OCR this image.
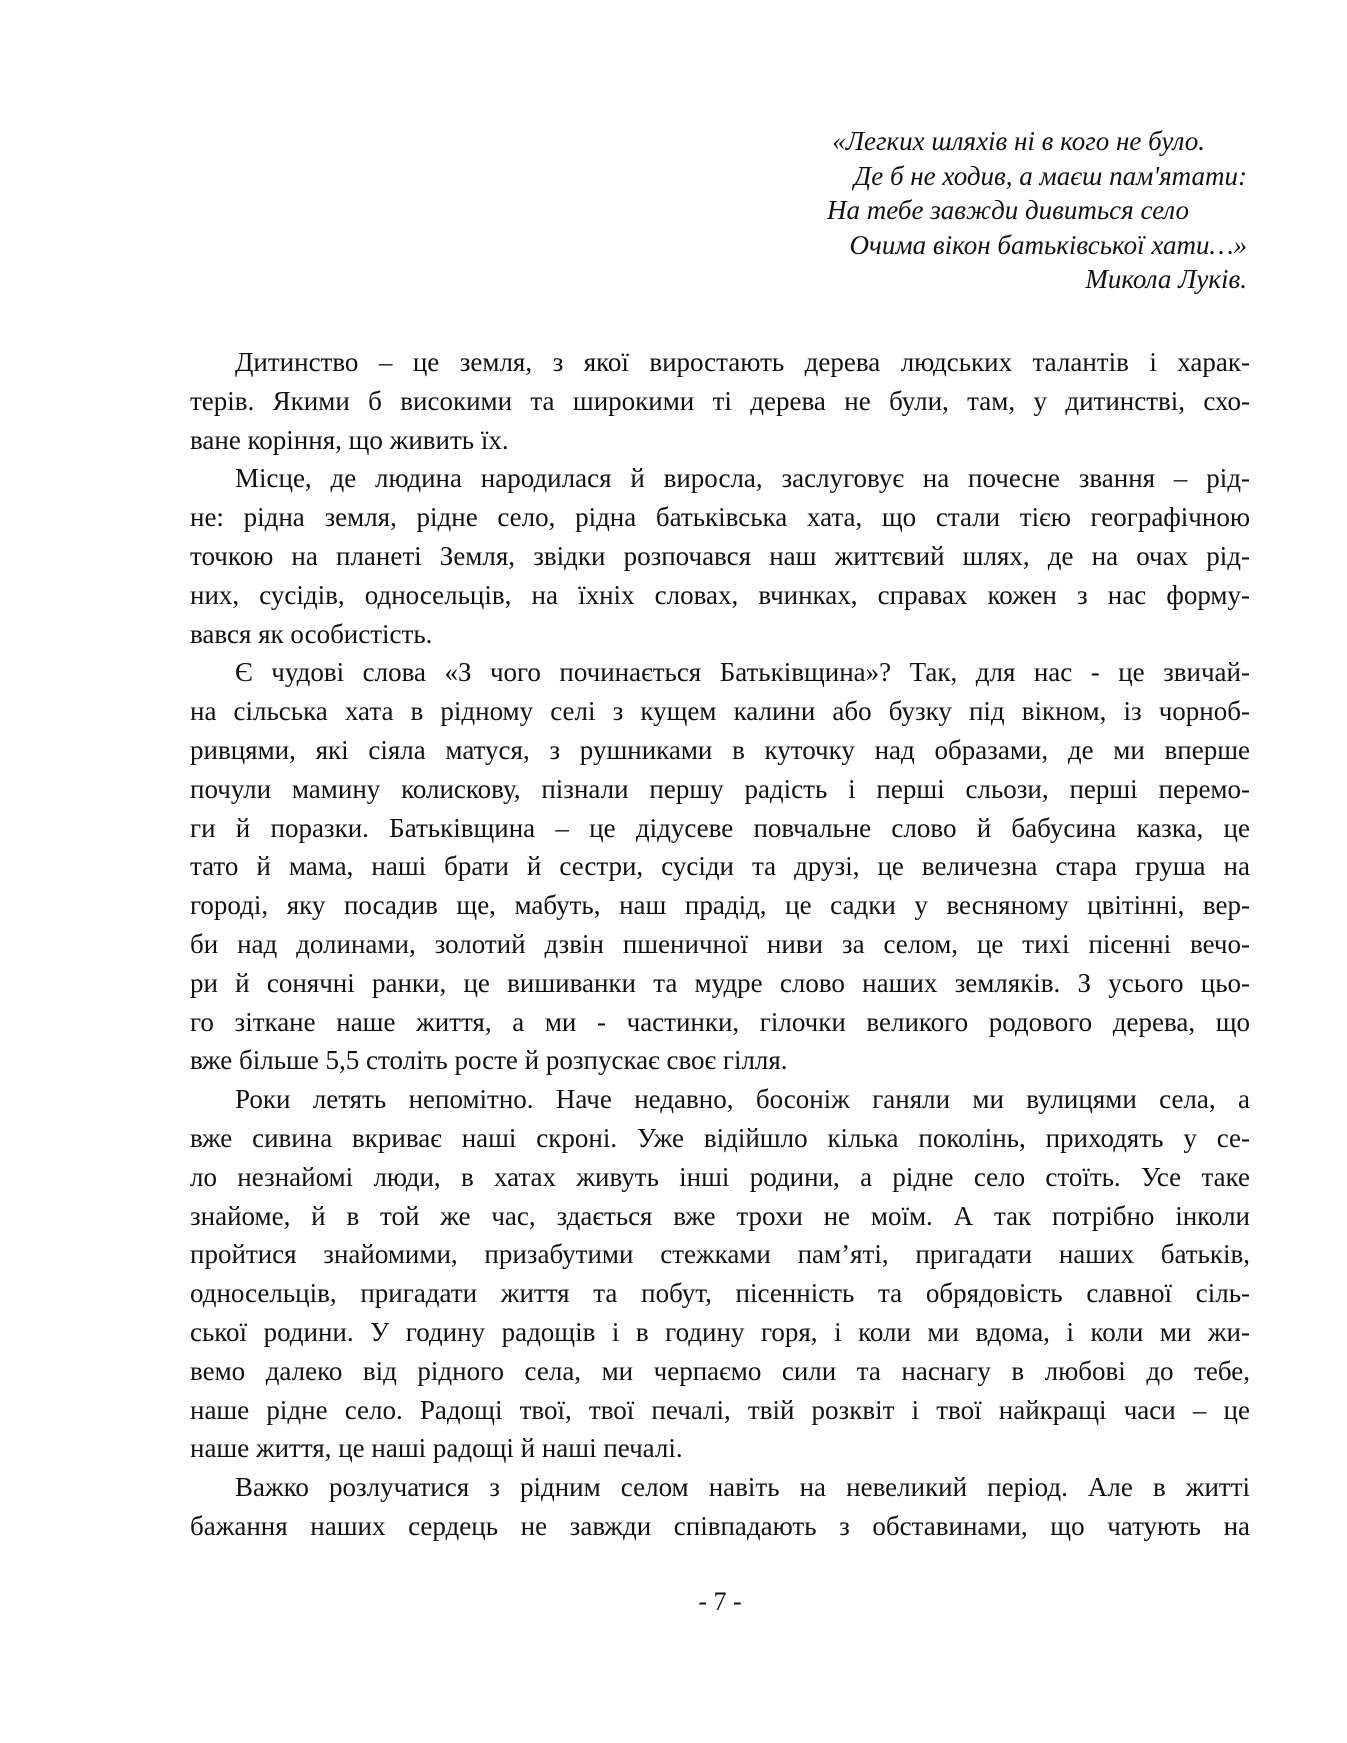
«Легких шляхів ні в кого не було.
Де б не ходив, а маєш пам'ятати:
На тебе завжди дивиться село
Очима вікон батьківської хати…»
Микола Луків.
Дитинство – це земля, з якої виростають дерева людських талантів і харак-
терів. Якими б високими та широкими ті дерева не були, там, у дитинстві, схо-
ване коріння, що живить їх.
Місце, де людина народилася й виросла, заслуговує на почесне звання – рід-
не: рідна земля, рідне село, рідна батьківська хата, що стали тією географічною
точкою на планеті Земля, звідки розпочався наш життєвий шлях, де на очах рід-
них, сусідів, односельців, на їхніх словах, вчинках, справах кожен з нас форму-
вався як особистість.
Є чудові слова «З чого починається Батьківщина»? Так, для нас - це звичай-
на сільська хата в рідному селі з кущем калини або бузку під вікном, із чорноб-
ривцями, які сіяла матуся, з рушниками в куточку над образами, де ми вперше
почули мамину колискову, пізнали першу радість і перші сльози, перші перемо-
ги й поразки. Батьківщина – це дідусеве повчальне слово й бабусина казка, це
тато й мама, наші брати й сестри, сусіди та друзі, це величезна стара груша на
городі, яку посадив ще, мабуть, наш прадід, це садки у весняному цвітінні, вер-
би над долинами, золотий дзвін пшеничної ниви за селом, це тихі пісенні вечо-
ри й сонячні ранки, це вишиванки та мудре слово наших земляків. З усього цьо-
го зіткане наше життя, а ми - частинки, гілочки великого родового дерева, що
вже більше 5,5 століть росте й розпускає своє гілля.
Роки летять непомітно. Наче недавно, босоніж ганяли ми вулицями села, а
вже сивина вкриває наші скроні. Уже відійшло кілька поколінь, приходять у се-
ло незнайомі люди, в хатах живуть інші родини, а рідне село стоїть. Усе таке
знайоме, й в той же час, здається вже трохи не моїм. А так потрібно інколи
пройтися знайомими, призабутими стежками пам’яті, пригадати наших батьків,
односельців, пригадати життя та побут, пісенність та обрядовість славної сіль-
ської родини. У годину радощів і в годину горя, і коли ми вдома, і коли ми жи-
вемо далеко від рідного села, ми черпаємо сили та наснагу в любові до тебе,
наше рідне село. Радощі твої, твої печалі, твій розквіт і твої найкращі часи – це
наше життя, це наші радощі й наші печалі.
Важко розлучатися з рідним селом навіть на невеликий період. Але в житті
бажання наших сердець не завжди співпадають з обставинами, що чатують на
- 7 -
